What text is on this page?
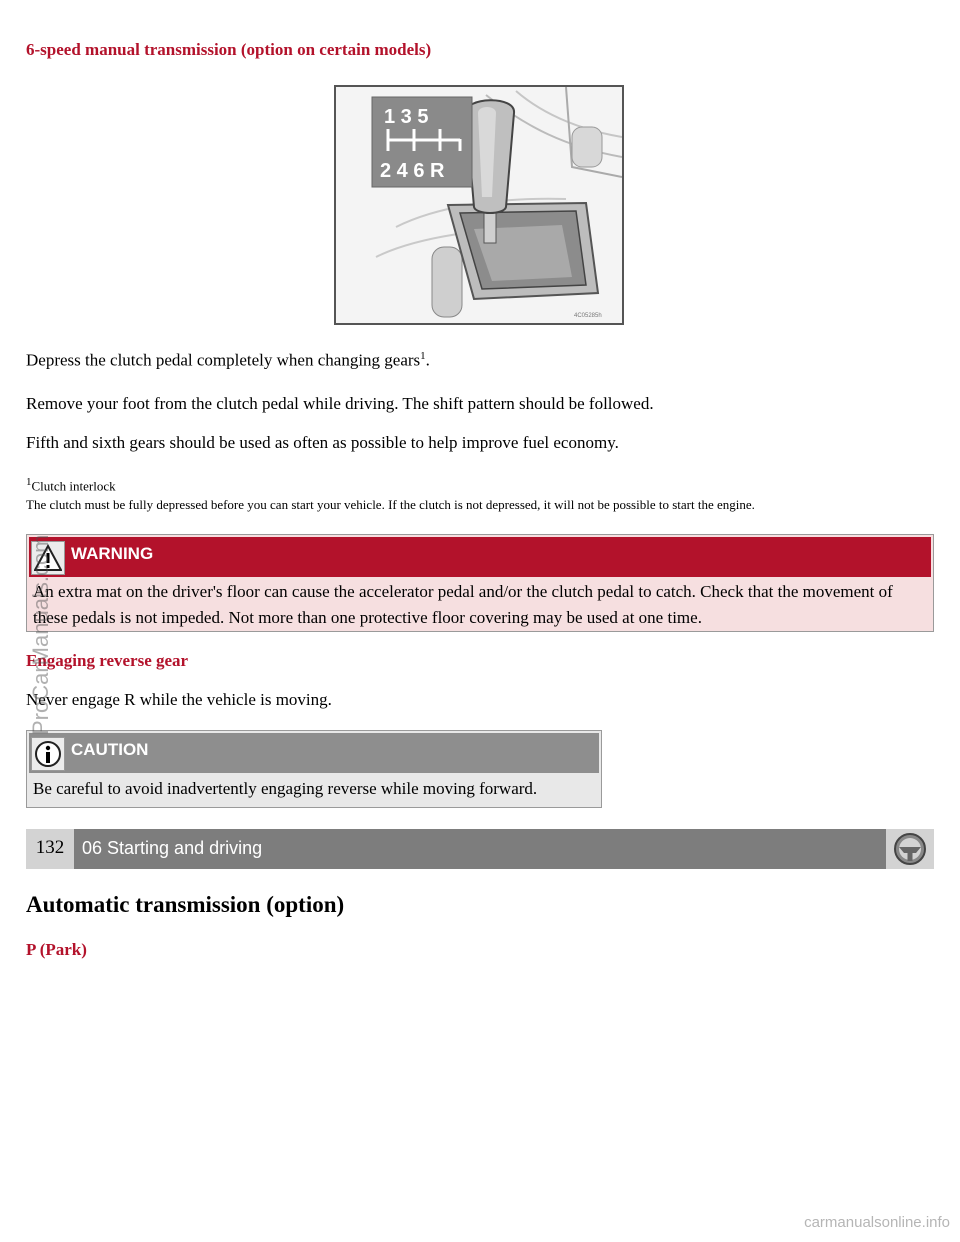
6-speed manual transmission (option on certain models)
1 3 5
2 4 6 R
4C05285h
Depress the clutch pedal completely when changing gears$^1$.
Remove your foot from the clutch pedal while driving. The shift pattern should be followed.
Fifth and sixth gears should be used as often as possible to help improve fuel economy.
$^1$Clutch interlock
The clutch must be fully depressed before you can start your vehicle. If the clutch is not depressed, it will not be possible to start the engine.
WARNING
An extra mat on the driver's floor can cause the accelerator pedal and/or the clutch pedal to catch. Check that the movement of these pedals is not impeded. Not more than one protective floor covering may be used at one time.
Engaging reverse gear
Never engage R while the vehicle is moving.
CAUTION
Be careful to avoid inadvertently engaging reverse while moving forward.
132 06 Starting and driving
Automatic transmission (option)
P (Park)
ProCarManuals.com
carmanualsonline.info
